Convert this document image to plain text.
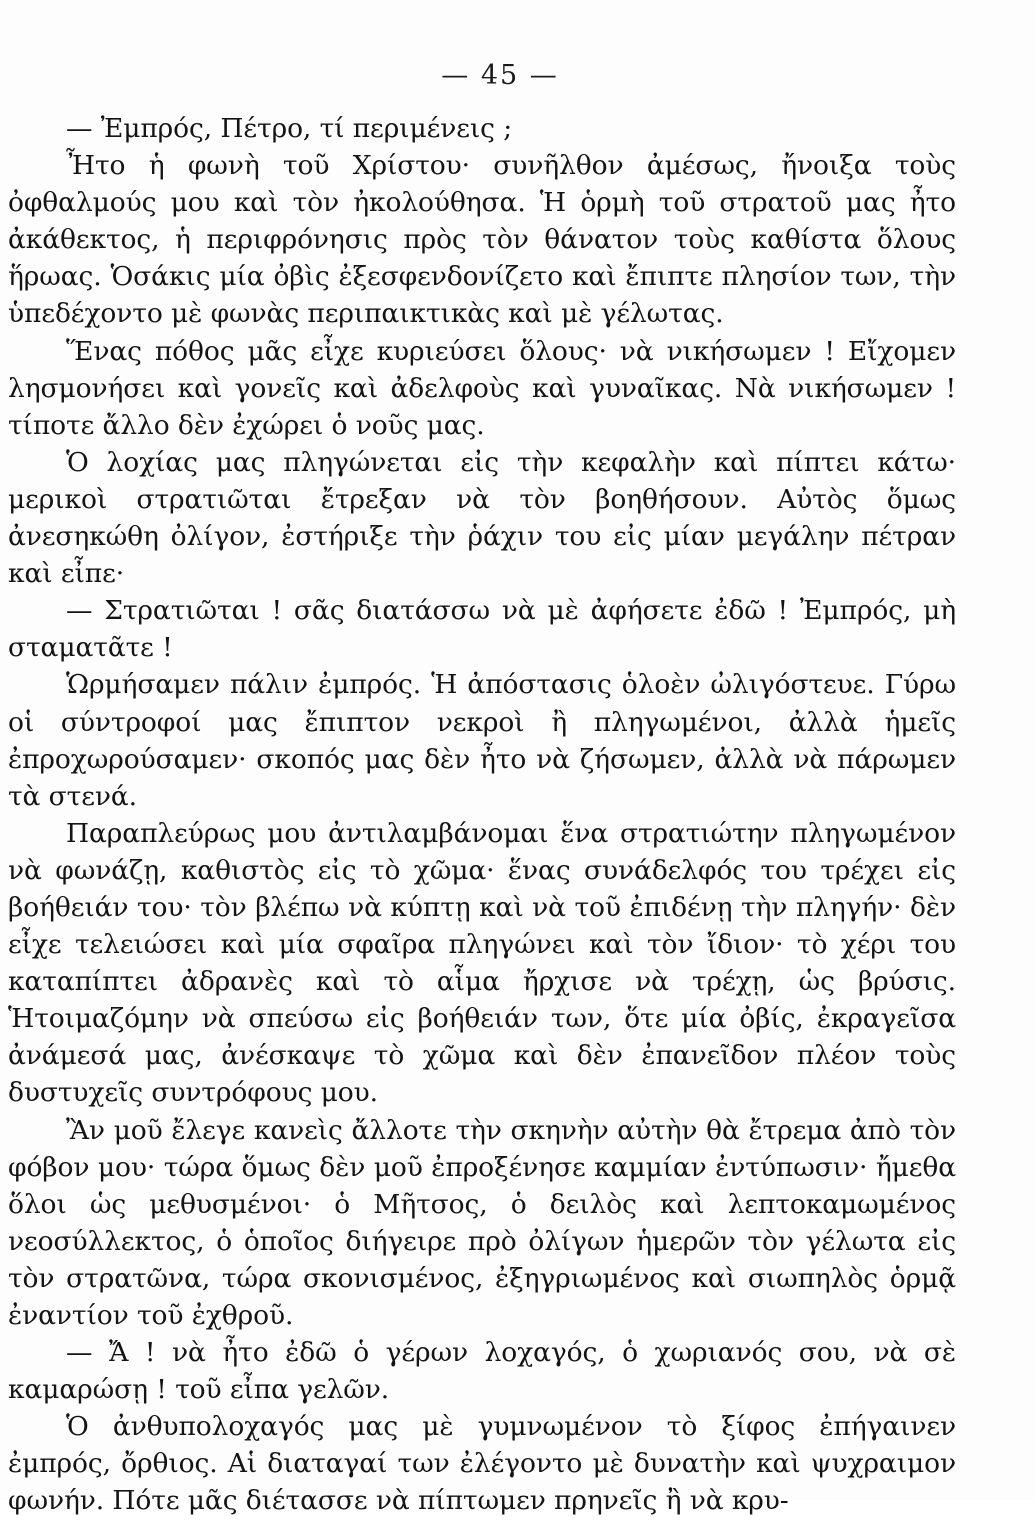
— 45 —

— Ἐμπρός, Πέτρο, τί περιμένεις ;

Ἦτο ἡ φωνὴ τοῦ Χρίστου· συνῆλθον ἀμέσως, ἤνοιξα τοὺς ὀφθαλμούς μου καὶ τὸν ἠκολούθησα. Ἡ ὁρμὴ τοῦ στρατοῦ μας ἦτο ἀκάθεκτος, ἡ περιφρόνησις πρὸς τὸν θάνατον τοὺς καθίστα ὅλους ἥρωας. Ὁσάκις μία ὀβὶς ἐξεσφενδονίζετο καὶ ἔπιπτε πλησίον των, τὴν ὑπεδέχοντο μὲ φωνὰς περιπαικτικὰς καὶ μὲ γέλωτας.

Ἕνας πόθος μᾶς εἶχε κυριεύσει ὅλους· νὰ νικήσωμεν ! Εἴχομεν λησμονήσει καὶ γονεῖς καὶ ἀδελφοὺς καὶ γυναῖκας. Νὰ νικήσωμεν ! τίποτε ἄλλο δὲν ἐχώρει ὁ νοῦς μας.

Ὁ λοχίας μας πληγώνεται εἰς τὴν κεφαλὴν καὶ πίπτει κάτω· μερικοὶ στρατιῶται ἔτρεξαν νὰ τὸν βοηθήσουν. Αὐτὸς ὅμως ἀνεσηκώθη ὀλίγον, ἐστήριξε τὴν ῥάχιν του εἰς μίαν μεγάλην πέτραν καὶ εἶπε·

— Στρατιῶται ! σᾶς διατάσσω νὰ μὲ ἀφήσετε ἐδῶ ! Ἐμπρός, μὴ σταματᾶτε !

Ὡρμήσαμεν πάλιν ἐμπρός. Ἡ ἀπόστασις ὁλοὲν ὠλιγόστευε. Γύρω οἱ σύντροφοί μας ἔπιπτον νεκροὶ ἢ πληγωμένοι, ἀλλὰ ἡμεῖς ἐπροχωρούσαμεν· σκοπός μας δὲν ἦτο νὰ ζήσωμεν, ἀλλὰ νὰ πάρωμεν τὰ στενά.

Παραπλεύρως μου ἀντιλαμβάνομαι ἕνα στρατιώτην πληγωμένον νὰ φωνάζῃ, καθιστὸς εἰς τὸ χῶμα· ἕνας συνάδελφός του τρέχει εἰς βοήθειάν του· τὸν βλέπω νὰ κύπτῃ καὶ νὰ τοῦ ἐπιδένῃ τὴν πληγήν· δὲν εἶχε τελειώσει καὶ μία σφαῖρα πληγώνει καὶ τὸν ἴδιον· τὸ χέρι του καταπίπτει ἀδρανὲς καὶ τὸ αἷμα ἤρχισε νὰ τρέχῃ, ὡς βρύσις. Ἡτοιμαζόμην νὰ σπεύσω εἰς βοήθειάν των, ὅτε μία ὀβίς, ἐκραγεῖσα ἀνάμεσά μας, ἀνέσκαψε τὸ χῶμα καὶ δὲν ἐπανεῖδον πλέον τοὺς δυστυχεῖς συντρόφους μου.

Ἂν μοῦ ἔλεγε κανεὶς ἄλλοτε τὴν σκηνὴν αὐτὴν θὰ ἔτρεμα ἀπὸ τὸν φόβον μου· τώρα ὅμως δὲν μοῦ ἐπροξένησε καμμίαν ἐντύπωσιν· ἤμεθα ὅλοι ὡς μεθυσμένοι· ὁ Μῆτσος, ὁ δειλὸς καὶ λεπτοκαμωμένος νεοσύλλεκτος, ὁ ὁποῖος διήγειρε πρὸ ὀλίγων ἡμερῶν τὸν γέλωτα εἰς τὸν στρατῶνα, τώρα σκονισμένος, ἐξηγριωμένος καὶ σιωπηλὸς ὁρμᾷ ἐναντίον τοῦ ἐχθροῦ.

— Ἄ ! νὰ ἦτο ἐδῶ ὁ γέρων λοχαγός, ὁ χωριανός σου, νὰ σὲ καμαρώσῃ ! τοῦ εἶπα γελῶν.

Ὁ ἀνθυπολοχαγός μας μὲ γυμνωμένον τὸ ξίφος ἐπήγαινεν ἐμπρός, ὄρθιος. Αἱ διαταγαί των ἐλέγοντο μὲ δυνατὴν καὶ ψυχραιμον φωνήν. Πότε μᾶς διέτασσε νὰ πίπτωμεν πρηνεῖς ἢ νὰ κρυ-
